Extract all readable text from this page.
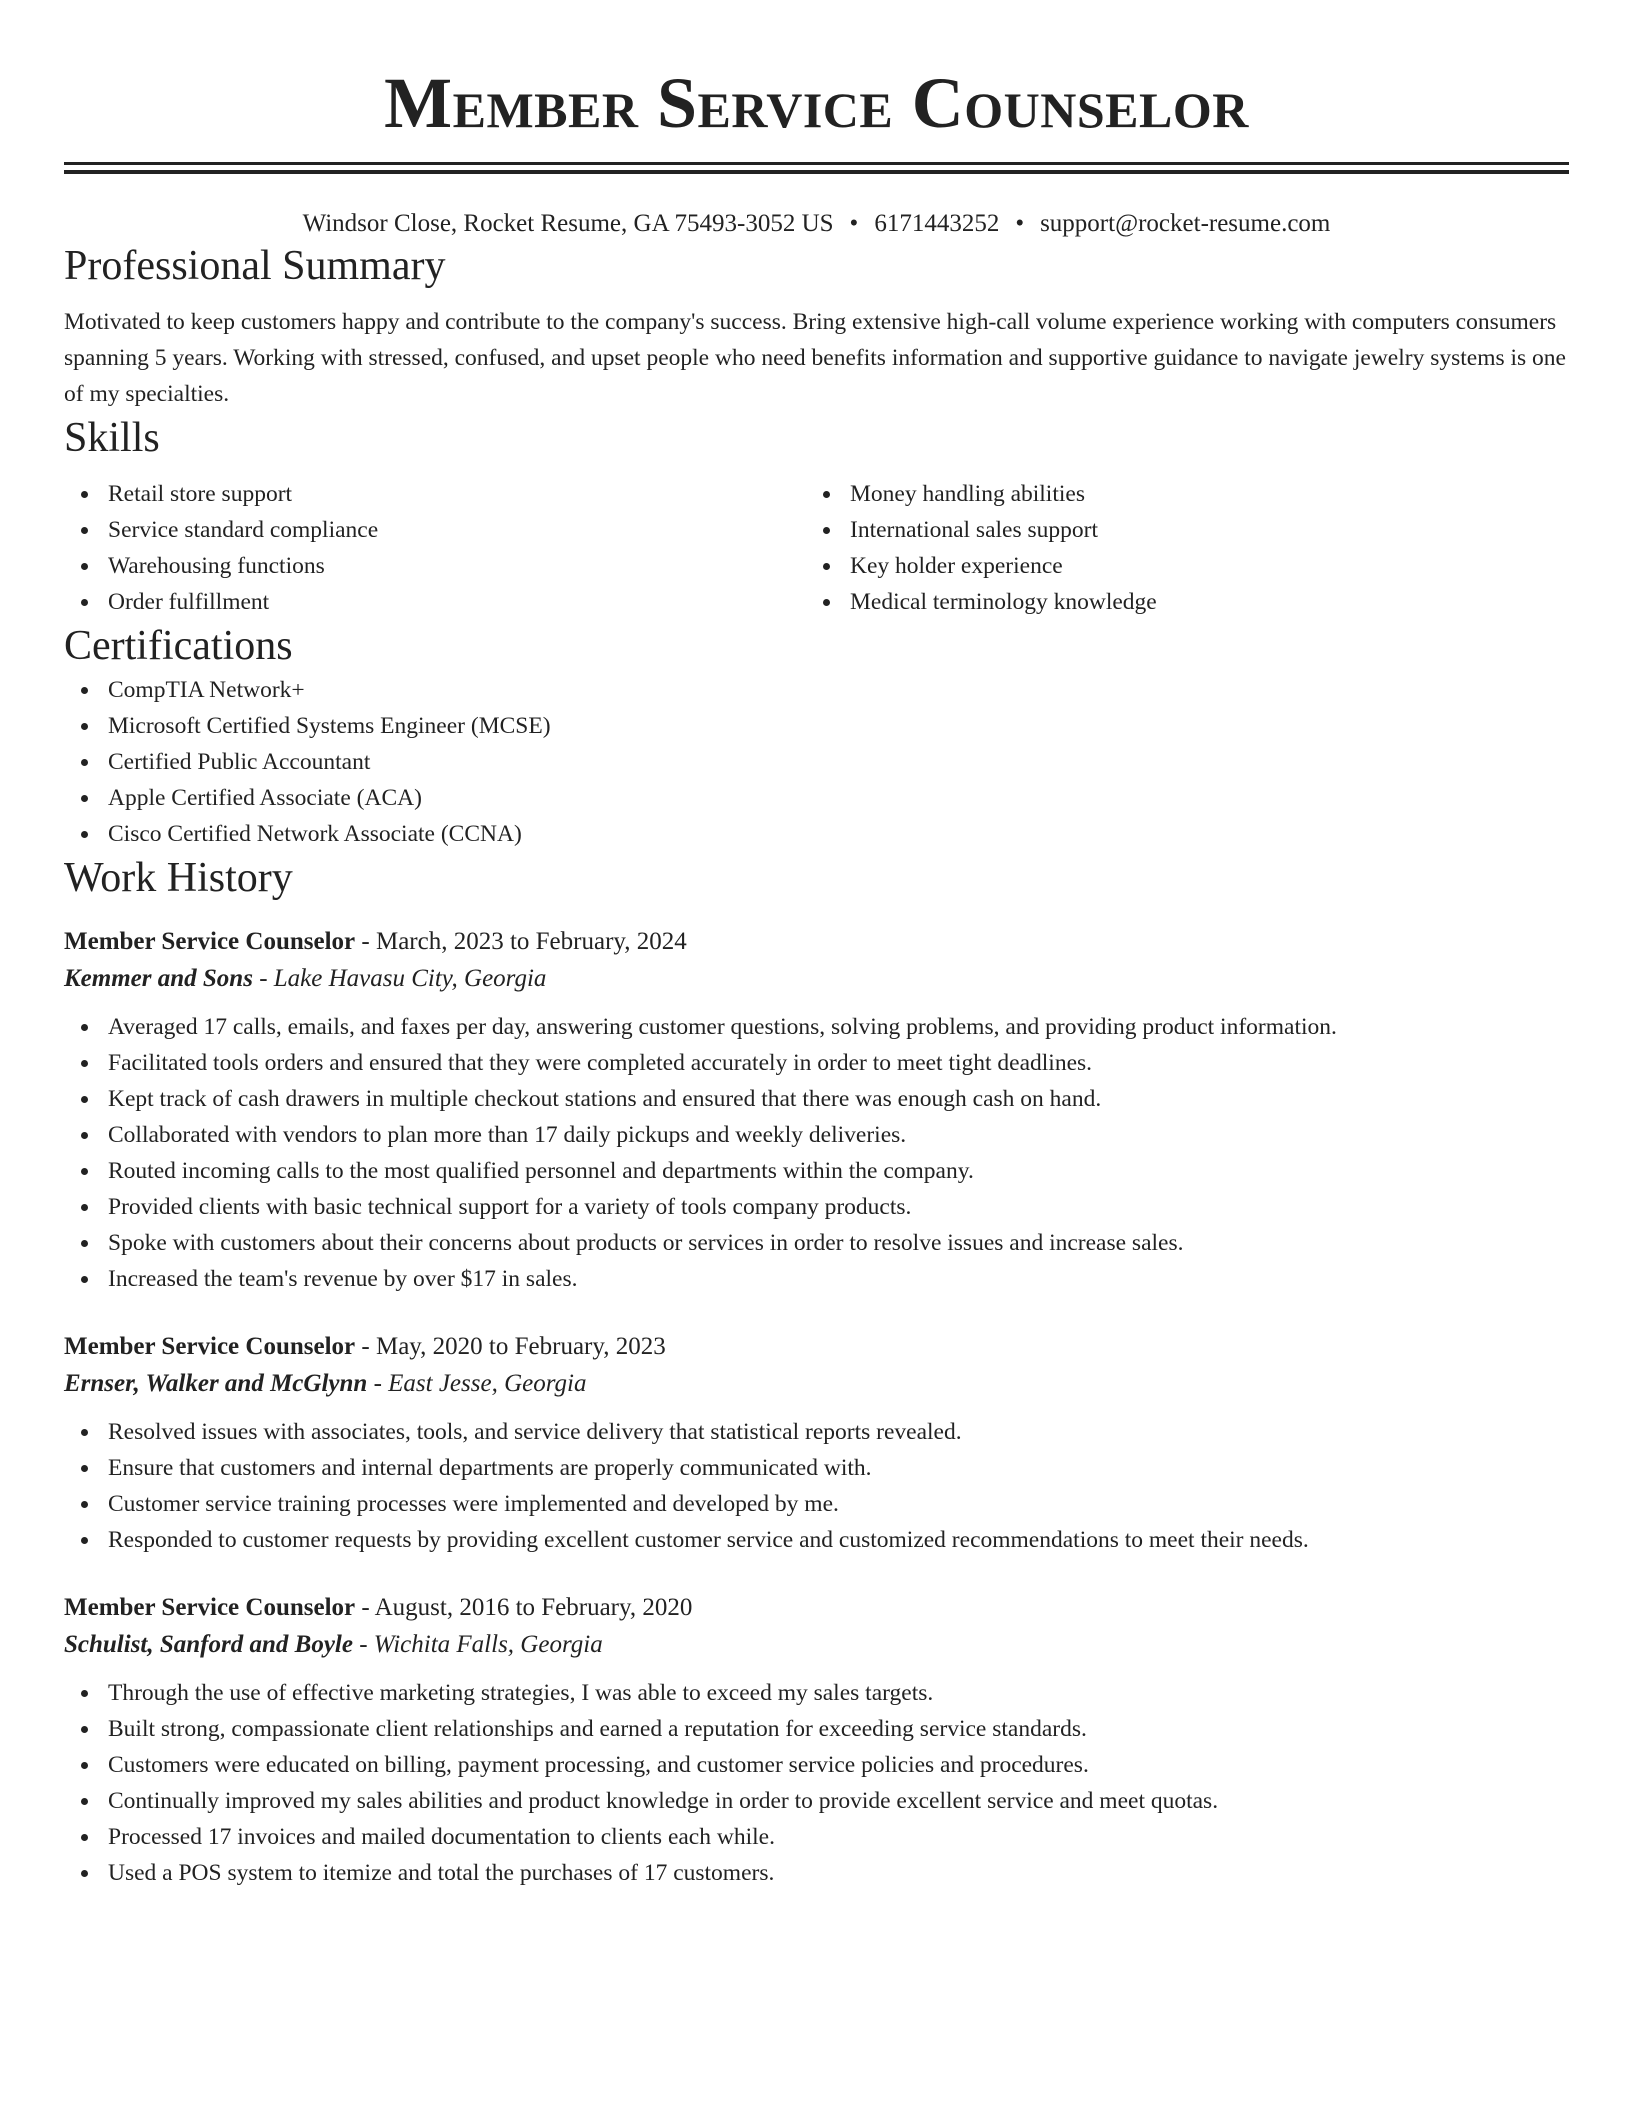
Member Service Counselor
Windsor Close, Rocket Resume, GA 75493-3052 US • 6171443252 • support@rocket-resume.com
Professional Summary

Motivated to keep customers happy and contribute to the company's success. Bring extensive high-call volume experience working with computers consumers spanning 5 years. Working with stressed, confused, and upset people who need benefits information and supportive guidance to navigate jewelry systems is one of my specialties.

Skills
Retail store support
Service standard compliance
Warehousing functions
Order fulfillment
Money handling abilities
International sales support
Key holder experience
Medical terminology knowledge
Certifications
CompTIA Network+
Microsoft Certified Systems Engineer (MCSE)
Certified Public Accountant
Apple Certified Associate (ACA)
Cisco Certified Network Associate (CCNA)
Work History
Member Service Counselor - March, 2023 to February, 2024
Kemmer and Sons - Lake Havasu City, Georgia
Averaged 17 calls, emails, and faxes per day, answering customer questions, solving problems, and providing product information.
Facilitated tools orders and ensured that they were completed accurately in order to meet tight deadlines.
Kept track of cash drawers in multiple checkout stations and ensured that there was enough cash on hand.
Collaborated with vendors to plan more than 17 daily pickups and weekly deliveries.
Routed incoming calls to the most qualified personnel and departments within the company.
Provided clients with basic technical support for a variety of tools company products.
Spoke with customers about their concerns about products or services in order to resolve issues and increase sales.
Increased the team's revenue by over $17 in sales.
Member Service Counselor - May, 2020 to February, 2023
Ernser, Walker and McGlynn - East Jesse, Georgia
Resolved issues with associates, tools, and service delivery that statistical reports revealed.
Ensure that customers and internal departments are properly communicated with.
Customer service training processes were implemented and developed by me.
Responded to customer requests by providing excellent customer service and customized recommendations to meet their needs.
Member Service Counselor - August, 2016 to February, 2020
Schulist, Sanford and Boyle - Wichita Falls, Georgia
Through the use of effective marketing strategies, I was able to exceed my sales targets.
Built strong, compassionate client relationships and earned a reputation for exceeding service standards.
Customers were educated on billing, payment processing, and customer service policies and procedures.
Continually improved my sales abilities and product knowledge in order to provide excellent service and meet quotas.
Processed 17 invoices and mailed documentation to clients each while.
Used a POS system to itemize and total the purchases of 17 customers.
